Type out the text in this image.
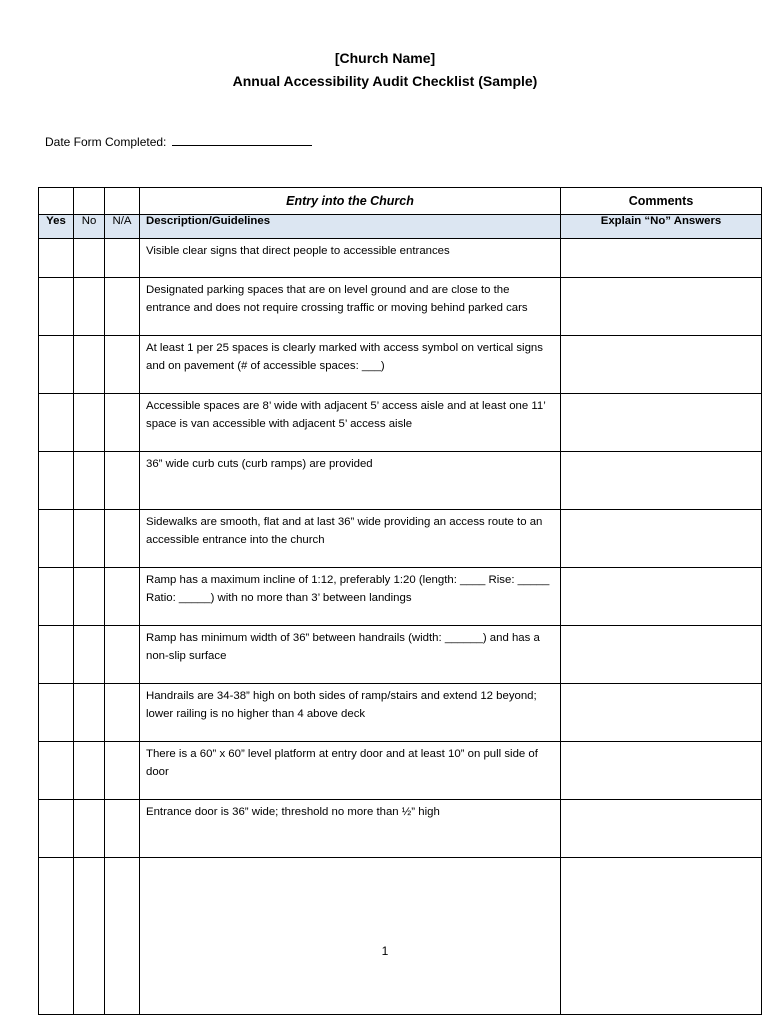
[Church Name]
Annual Accessibility Audit Checklist (Sample)
Date Form Completed:
			Entry into the Church	Comments
Yes	No	N/A	Description/Guidelines	Explain “No” Answers
			Visible clear signs that direct people to accessible entrances	
			Designated parking spaces that are on level ground and are close to the entrance and does not require crossing traffic or moving behind parked cars	
			At least 1 per 25 spaces is clearly marked with access symbol on vertical signs and on pavement (# of accessible spaces: ___)	
			Accessible spaces are 8’ wide with adjacent 5’ access aisle and at least one 11’ space is van accessible with adjacent 5’ access aisle	
			36” wide curb cuts (curb ramps) are provided	
			Sidewalks are smooth, flat and at last 36” wide providing an access route to an accessible entrance into the church	
			Ramp has a maximum incline of 1:12, preferably 1:20 (length: ____ Rise: _____ Ratio: _____) with no more than 3’ between landings	
			Ramp has minimum width of 36” between handrails (width: ______) and has a non-slip surface	
			Handrails are 34-38” high on both sides of ramp/stairs and extend 12 beyond; lower railing is no higher than 4 above deck	
			There is a 60” x 60” level platform at entry door and at least 10” on pull side of door	
			Entrance door is 36” wide; threshold no more than ½” high	

1
